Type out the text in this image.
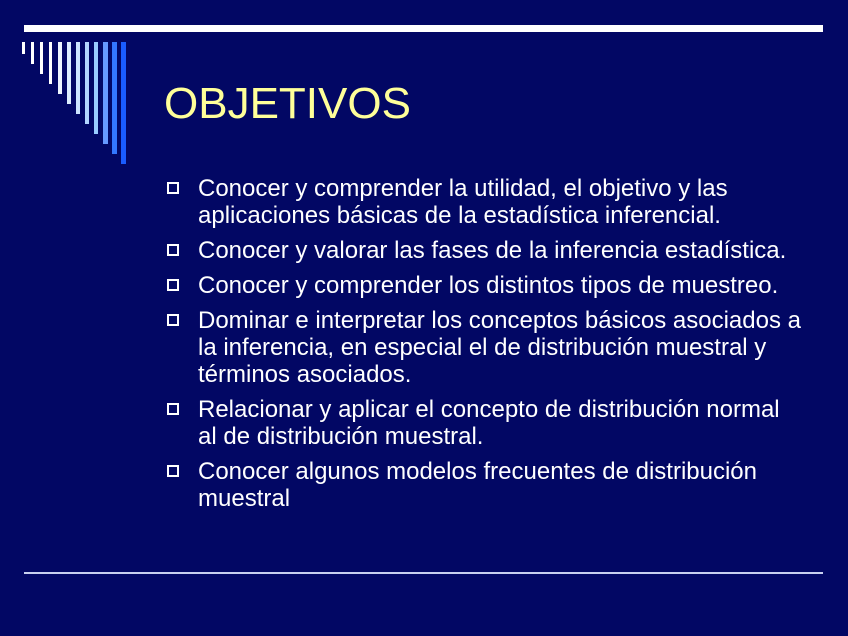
OBJETIVOS
Conocer y comprender la utilidad, el objetivo y las aplicaciones básicas de la estadística inferencial.
Conocer y valorar las fases de la inferencia estadística.
Conocer y comprender los distintos tipos de muestreo.
Dominar e interpretar los conceptos básicos asociados a la inferencia, en especial el de distribución muestral y términos asociados.
Relacionar y aplicar el concepto de distribución normal al de distribución muestral.
Conocer algunos modelos frecuentes de distribución muestral
